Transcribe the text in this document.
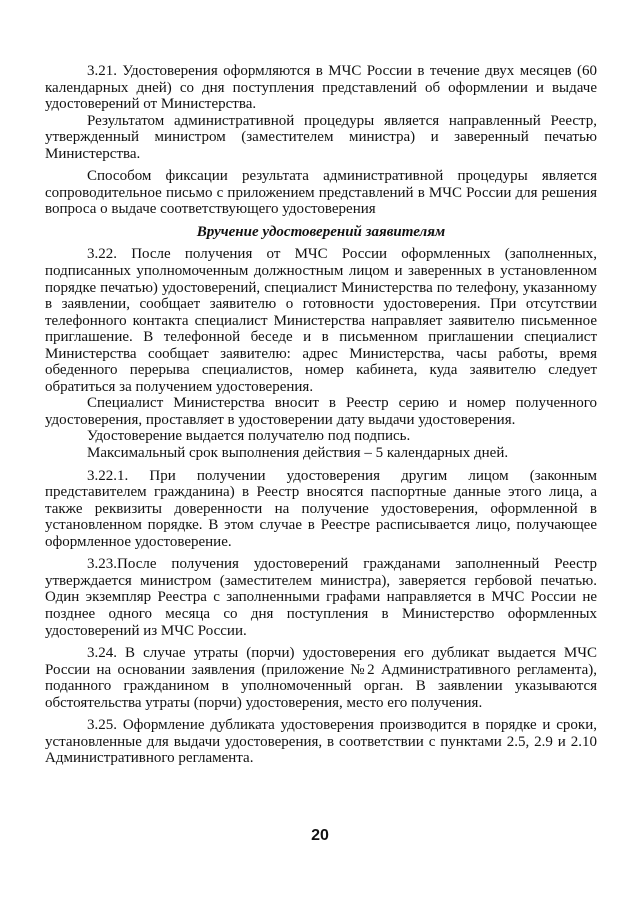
3.21. Удостоверения оформляются в МЧС России в течение двух месяцев (60 календарных дней) со дня поступления представлений об оформлении и выдаче удостоверений от Министерства.

Результатом административной процедуры является направленный Реестр, утвержденный министром (заместителем министра) и заверенный печатью Министерства.

Способом фиксации результата административной процедуры является сопроводительное письмо с приложением представлений в МЧС России для решения вопроса о выдаче соответствующего удостоверения

Вручение удостоверений заявителям

3.22. После получения от МЧС России оформленных (заполненных, подписанных уполномоченным должностным лицом и заверенных в установленном порядке печатью) удостоверений, специалист Министерства по телефону, указанному в заявлении, сообщает заявителю о готовности удостоверения. При отсутствии телефонного контакта специалист Министерства направляет заявителю письменное приглашение. В телефонной беседе и в письменном приглашении специалист Министерства сообщает заявителю: адрес Министерства, часы работы, время обеденного перерыва специалистов, номер кабинета, куда заявителю следует обратиться за получением удостоверения.

Специалист Министерства вносит в Реестр серию и номер полученного удостоверения, проставляет в удостоверении дату выдачи удостоверения.

Удостоверение выдается получателю под подпись.

Максимальный срок выполнения действия – 5 календарных дней.

3.22.1. При получении удостоверения другим лицом (законным представителем гражданина) в Реестр вносятся паспортные данные этого лица, а также реквизиты доверенности на получение удостоверения, оформленной в установленном порядке. В этом случае в Реестре расписывается лицо, получающее оформленное удостоверение.

3.23.После получения удостоверений гражданами заполненный Реестр утверждается министром (заместителем министра), заверяется гербовой печатью. Один экземпляр Реестра с заполненными графами направляется в МЧС России не позднее одного месяца со дня поступления в Министерство оформленных удостоверений из МЧС России.

3.24. В случае утраты (порчи) удостоверения его дубликат выдается МЧС России на основании заявления (приложение №2 Административного регламента), поданного гражданином в уполномоченный орган. В заявлении указываются обстоятельства утраты (порчи) удостоверения, место его получения.

3.25. Оформление дубликата удостоверения производится в порядке и сроки, установленные для выдачи удостоверения, в соответствии с пунктами 2.5, 2.9 и 2.10 Административного регламента.

20
